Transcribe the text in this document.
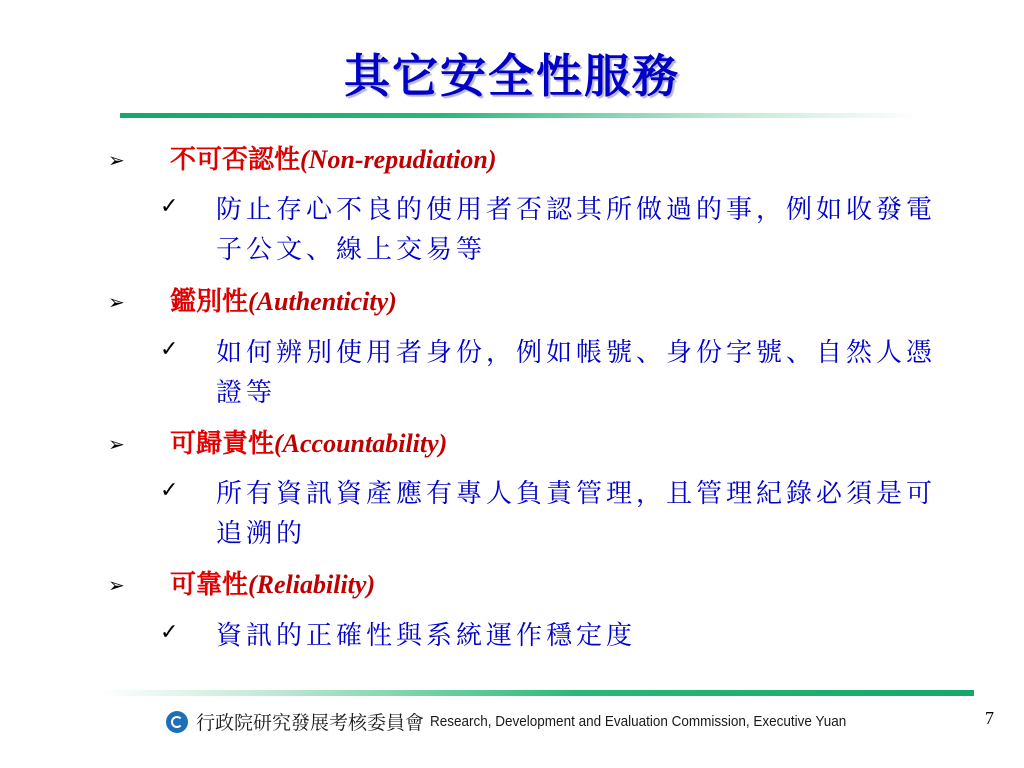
其它安全性服務
➢ 不可否認性 (Non-repudiation)
✓ 防止存心不良的使用者否認其所做過的事，例如收發電子公文、線上交易等
➢ 鑑別性 (Authenticity)
✓ 如何辨別使用者身份，例如帳號、身份字號、自然人憑證等
➢ 可歸責性 (Accountability)
✓ 所有資訊資產應有專人負責管理，且管理紀錄必須是可追溯的
➢ 可靠性 (Reliability)
✓ 資訊的正確性與系統運作穩定度
行政院研究發展考核委員會 Research, Development and Evaluation Commission, Executive Yuan	7
